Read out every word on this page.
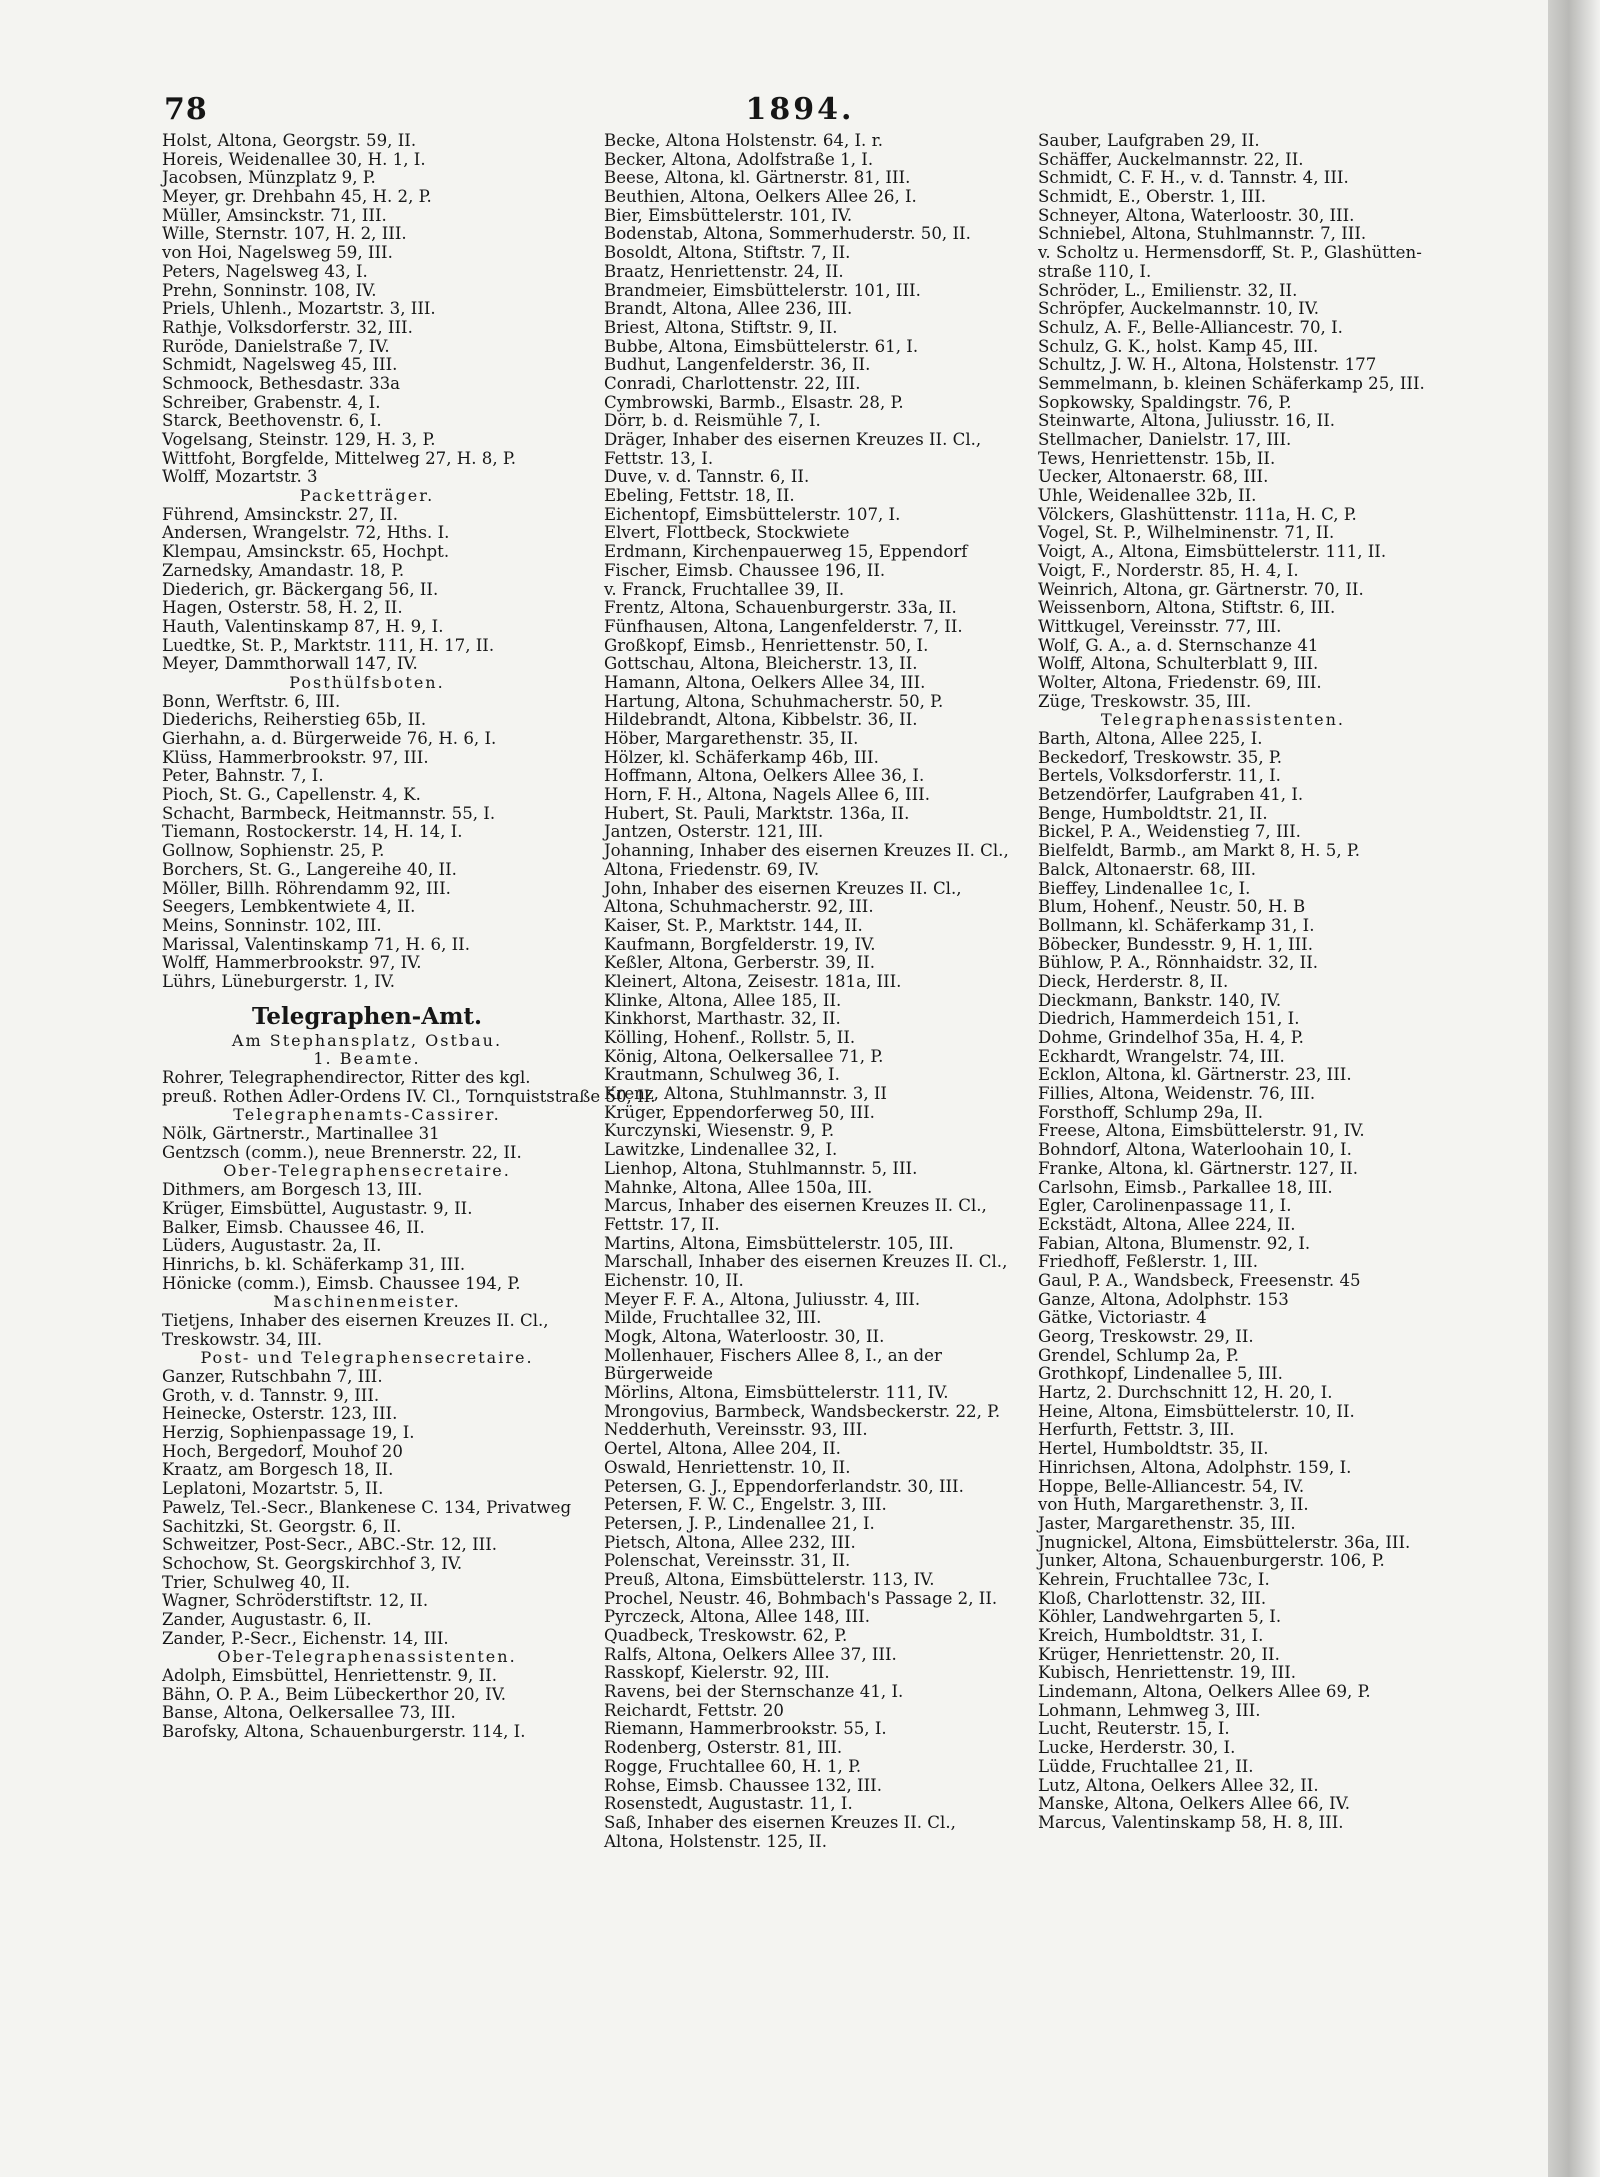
78	1894.
Holst, Altona, Georgstr. 59, II.
Horeis, Weidenallee 30, H. 1, I.
Jacobsen, Münzplatz 9, P.
Meyer, gr. Drehbahn 45, H. 2, P.
Müller, Amsinckstr. 71, III.
Wille, Sternstr. 107, H. 2, III.
von Hoi, Nagelsweg 59, III.
Peters, Nagelsweg 43, I.
Prehn, Sonninstr. 108, IV.
Priels, Uhlenh., Mozartstr. 3, III.
Rathje, Volksdorferstr. 32, III.
Ruröde, Danielstraße 7, IV.
Schmidt, Nagelsweg 45, III.
Schmoock, Bethesdastr. 33a
Schreiber, Grabenstr. 4, I.
Starck, Beethovenstr. 6, I.
Vogelsang, Steinstr. 129, H. 3, P.
Wittfoht, Borgfelde, Mittelweg 27, H. 8, P.
Wolff, Mozartstr. 3
Packetträger.
Führend, Amsinckstr. 27, II.
Andersen, Wrangelstr. 72, Hths. I.
Klempau, Amsinckstr. 65, Hochpt.
Zarnedsky, Amandastr. 18, P.
Diederich, gr. Bäckergang 56, II.
Hagen, Osterstr. 58, H. 2, II.
Hauth, Valentinskamp 87, H. 9, I.
Luedtke, St. P., Marktstr. 111, H. 17, II.
Meyer, Dammthorwall 147, IV.
Posthülfsboten.
Bonn, Werftstr. 6, III.
Diederichs, Reiherstieg 65b, II.
Gierhahn, a. d. Bürgerweide 76, H. 6, I.
Klüss, Hammerbrookstr. 97, III.
Peter, Bahnstr. 7, I.
Pioch, St. G., Capellenstr. 4, K.
Schacht, Barmbeck, Heitmannstr. 55, I.
Tiemann, Rostockerstr. 14, H. 14, I.
Gollnow, Sophienstr. 25, P.
Borchers, St. G., Langereihe 40, II.
Möller, Billh. Röhrendamm 92, III.
Seegers, Lembkentwiete 4, II.
Meins, Sonninstr. 102, III.
Marissal, Valentinskamp 71, H. 6, II.
Wolff, Hammerbrookstr. 97, IV.
Lührs, Lüneburgerstr. 1, IV.
Telegraphen-Amt.
Am Stephansplatz, Ostbau.
1. Beamte.
Rohrer, Telegraphendirector, Ritter des kgl.
preuß. Rothen Adler-Ordens IV. Cl., Tornquiststraße 50, II.
Telegraphenamts-Cassirer.
Nölk, Gärtnerstr., Martinallee 31
Gentzsch (comm.), neue Brennerstr. 22, II.
Ober-Telegraphensecretaire.
Dithmers, am Borgesch 13, III.
Krüger, Eimsbüttel, Augustastr. 9, II.
Balker, Eimsb. Chaussee 46, II.
Lüders, Augustastr. 2a, II.
Hinrichs, b. kl. Schäferkamp 31, III.
Hönicke (comm.), Eimsb. Chaussee 194, P.
Maschinenmeister.
Tietjens, Inhaber des eisernen Kreuzes II. Cl.,
Treskowstr. 34, III.
Post- und Telegraphensecretaire.
Ganzer, Rutschbahn 7, III.
Groth, v. d. Tannstr. 9, III.
Heinecke, Osterstr. 123, III.
Herzig, Sophienpassage 19, I.
Hoch, Bergedorf, Mouhof 20
Kraatz, am Borgesch 18, II.
Leplatoni, Mozartstr. 5, II.
Pawelz, Tel.-Secr., Blankenese C. 134, Privatweg
Sachitzki, St. Georgstr. 6, II.
Schweitzer, Post-Secr., ABC.-Str. 12, III.
Schochow, St. Georgskirchhof 3, IV.
Trier, Schulweg 40, II.
Wagner, Schröderstiftstr. 12, II.
Zander, Augustastr. 6, II.
Zander, P.-Secr., Eichenstr. 14, III.
Ober-Telegraphenassistenten.
Adolph, Eimsbüttel, Henriettenstr. 9, II.
Bähn, O. P. A., Beim Lübeckerthor 20, IV.
Banse, Altona, Oelkersallee 73, III.
Barofsky, Altona, Schauenburgerstr. 114, I.
Becke, Altona Holstenstr. 64, I. r.
Becker, Altona, Adolfstraße 1, I.
Beese, Altona, kl. Gärtnerstr. 81, III.
Beuthien, Altona, Oelkers Allee 26, I.
Bier, Eimsbüttelerstr. 101, IV.
Bodenstab, Altona, Sommerhuderstr. 50, II.
Bosoldt, Altona, Stiftstr. 7, II.
Braatz, Henriettenstr. 24, II.
Brandmeier, Eimsbüttelerstr. 101, III.
Brandt, Altona, Allee 236, III.
Briest, Altona, Stiftstr. 9, II.
Bubbe, Altona, Eimsbüttelerstr. 61, I.
Budhut, Langenfelderstr. 36, II.
Conradi, Charlottenstr. 22, III.
Cymbrowski, Barmb., Elsastr. 28, P.
Dörr, b. d. Reismühle 7, I.
Dräger, Inhaber des eisernen Kreuzes II. Cl.,
Fettstr. 13, I.
Duve, v. d. Tannstr. 6, II.
Ebeling, Fettstr. 18, II.
Eichentopf, Eimsbüttelerstr. 107, I.
Elvert, Flottbeck, Stockwiete
Erdmann, Kirchenpauerweg 15, Eppendorf
Fischer, Eimsb. Chaussee 196, II.
v. Franck, Fruchtallee 39, II.
Frentz, Altona, Schauenburgerstr. 33a, II.
Fünfhausen, Altona, Langenfelderstr. 7, II.
Großkopf, Eimsb., Henriettenstr. 50, I.
Gottschau, Altona, Bleicherstr. 13, II.
Hamann, Altona, Oelkers Allee 34, III.
Hartung, Altona, Schuhmacherstr. 50, P.
Hildebrandt, Altona, Kibbelstr. 36, II.
Höber, Margarethenstr. 35, II.
Hölzer, kl. Schäferkamp 46b, III.
Hoffmann, Altona, Oelkers Allee 36, I.
Horn, F. H., Altona, Nagels Allee 6, III.
Hubert, St. Pauli, Marktstr. 136a, II.
Jantzen, Osterstr. 121, III.
Johanning, Inhaber des eisernen Kreuzes II. Cl.,
Altona, Friedenstr. 69, IV.
John, Inhaber des eisernen Kreuzes II. Cl.,
Altona, Schuhmacherstr. 92, III.
Kaiser, St. P., Marktstr. 144, II.
Kaufmann, Borgfelderstr. 19, IV.
Keßler, Altona, Gerberstr. 39, II.
Kleinert, Altona, Zeisestr. 181a, III.
Klinke, Altona, Allee 185, II.
Kinkhorst, Marthastr. 32, II.
Kölling, Hohenf., Rollstr. 5, II.
König, Altona, Oelkersallee 71, P.
Krautmann, Schulweg 36, I.
Krenz, Altona, Stuhlmannstr. 3, II
Krüger, Eppendorferweg 50, III.
Kurczynski, Wiesenstr. 9, P.
Lawitzke, Lindenallee 32, I.
Lienhop, Altona, Stuhlmannstr. 5, III.
Mahnke, Altona, Allee 150a, III.
Marcus, Inhaber des eisernen Kreuzes II. Cl.,
Fettstr. 17, II.
Martins, Altona, Eimsbüttelerstr. 105, III.
Marschall, Inhaber des eisernen Kreuzes II. Cl.,
Eichenstr. 10, II.
Meyer F. F. A., Altona, Juliusstr. 4, III.
Milde, Fruchtallee 32, III.
Mogk, Altona, Waterloostr. 30, II.
Mollenhauer, Fischers Allee 8, I., an der
Bürgerweide
Mörlins, Altona, Eimsbüttelerstr. 111, IV.
Mrongovius, Barmbeck, Wandsbeckerstr. 22, P.
Nedderhuth, Vereinsstr. 93, III.
Oertel, Altona, Allee 204, II.
Oswald, Henriettenstr. 10, II.
Petersen, G. J., Eppendorferlandstr. 30, III.
Petersen, F. W. C., Engelstr. 3, III.
Petersen, J. P., Lindenallee 21, I.
Pietsch, Altona, Allee 232, III.
Polenschat, Vereinsstr. 31, II.
Preuß, Altona, Eimsbüttelerstr. 113, IV.
Prochel, Neustr. 46, Bohmbach's Passage 2, II.
Pyrczeck, Altona, Allee 148, III.
Quadbeck, Treskowstr. 62, P.
Ralfs, Altona, Oelkers Allee 37, III.
Rasskopf, Kielerstr. 92, III.
Ravens, bei der Sternschanze 41, I.
Reichardt, Fettstr. 20
Riemann, Hammerbrookstr. 55, I.
Rodenberg, Osterstr. 81, III.
Rogge, Fruchtallee 60, H. 1, P.
Rohse, Eimsb. Chaussee 132, III.
Rosenstedt, Augustastr. 11, I.
Saß, Inhaber des eisernen Kreuzes II. Cl.,
Altona, Holstenstr. 125, II.
Sauber, Laufgraben 29, II.
Schäffer, Auckelmannstr. 22, II.
Schmidt, C. F. H., v. d. Tannstr. 4, III.
Schmidt, E., Oberstr. 1, III.
Schneyer, Altona, Waterloostr. 30, III.
Schniebel, Altona, Stuhlmannstr. 7, III.
v. Scholtz u. Hermensdorff, St. P., Glashütten-
straße 110, I.
Schröder, L., Emilienstr. 32, II.
Schröpfer, Auckelmannstr. 10, IV.
Schulz, A. F., Belle-Alliancestr. 70, I.
Schulz, G. K., holst. Kamp 45, III.
Schultz, J. W. H., Altona, Holstenstr. 177
Semmelmann, b. kleinen Schäferkamp 25, III.
Sopkowsky, Spaldingstr. 76, P.
Steinwarte, Altona, Juliusstr. 16, II.
Stellmacher, Danielstr. 17, III.
Tews, Henriettenstr. 15b, II.
Uecker, Altonaerstr. 68, III.
Uhle, Weidenallee 32b, II.
Völckers, Glashüttenstr. 111a, H. C, P.
Vogel, St. P., Wilhelminenstr. 71, II.
Voigt, A., Altona, Eimsbüttelerstr. 111, II.
Voigt, F., Norderstr. 85, H. 4, I.
Weinrich, Altona, gr. Gärtnerstr. 70, II.
Weissenborn, Altona, Stiftstr. 6, III.
Wittkugel, Vereinsstr. 77, III.
Wolf, G. A., a. d. Sternschanze 41
Wolff, Altona, Schulterblatt 9, III.
Wolter, Altona, Friedenstr. 69, III.
Züge, Treskowstr. 35, III.
Telegraphenassistenten.
Barth, Altona, Allee 225, I.
Beckedorf, Treskowstr. 35, P.
Bertels, Volksdorferstr. 11, I.
Betzendörfer, Laufgraben 41, I.
Benge, Humboldtstr. 21, II.
Bickel, P. A., Weidenstieg 7, III.
Bielfeldt, Barmb., am Markt 8, H. 5, P.
Balck, Altonaerstr. 68, III.
Bieffey, Lindenallee 1c, I.
Blum, Hohenf., Neustr. 50, H. B
Bollmann, kl. Schäferkamp 31, I.
Böbecker, Bundesstr. 9, H. 1, III.
Bühlow, P. A., Rönnhaidstr. 32, II.
Dieck, Herderstr. 8, II.
Dieckmann, Bankstr. 140, IV.
Diedrich, Hammerdeich 151, I.
Dohme, Grindelhof 35a, H. 4, P.
Eckhardt, Wrangelstr. 74, III.
Ecklon, Altona, kl. Gärtnerstr. 23, III.
Fillies, Altona, Weidenstr. 76, III.
Forsthoff, Schlump 29a, II.
Freese, Altona, Eimsbüttelerstr. 91, IV.
Bohndorf, Altona, Waterloohain 10, I.
Franke, Altona, kl. Gärtnerstr. 127, II.
Carlsohn, Eimsb., Parkallee 18, III.
Egler, Carolinenpassage 11, I.
Eckstädt, Altona, Allee 224, II.
Fabian, Altona, Blumenstr. 92, I.
Friedhoff, Feßlerstr. 1, III.
Gaul, P. A., Wandsbeck, Freesenstr. 45
Ganze, Altona, Adolphstr. 153
Gätke, Victoriastr. 4
Georg, Treskowstr. 29, II.
Grendel, Schlump 2a, P.
Grothkopf, Lindenallee 5, III.
Hartz, 2. Durchschnitt 12, H. 20, I.
Heine, Altona, Eimsbüttelerstr. 10, II.
Herfurth, Fettstr. 3, III.
Hertel, Humboldtstr. 35, II.
Hinrichsen, Altona, Adolphstr. 159, I.
Hoppe, Belle-Alliancestr. 54, IV.
von Huth, Margarethenstr. 3, II.
Jaster, Margarethenstr. 35, III.
Jnugnickel, Altona, Eimsbüttelerstr. 36a, III.
Junker, Altona, Schauenburgerstr. 106, P.
Kehrein, Fruchtallee 73c, I.
Kloß, Charlottenstr. 32, III.
Köhler, Landwehrgarten 5, I.
Kreich, Humboldtstr. 31, I.
Krüger, Henriettenstr. 20, II.
Kubisch, Henriettenstr. 19, III.
Lindemann, Altona, Oelkers Allee 69, P.
Lohmann, Lehmweg 3, III.
Lucht, Reuterstr. 15, I.
Lucke, Herderstr. 30, I.
Lüdde, Fruchtallee 21, II.
Lutz, Altona, Oelkers Allee 32, II.
Manske, Altona, Oelkers Allee 66, IV.
Marcus, Valentinskamp 58, H. 8, III.
